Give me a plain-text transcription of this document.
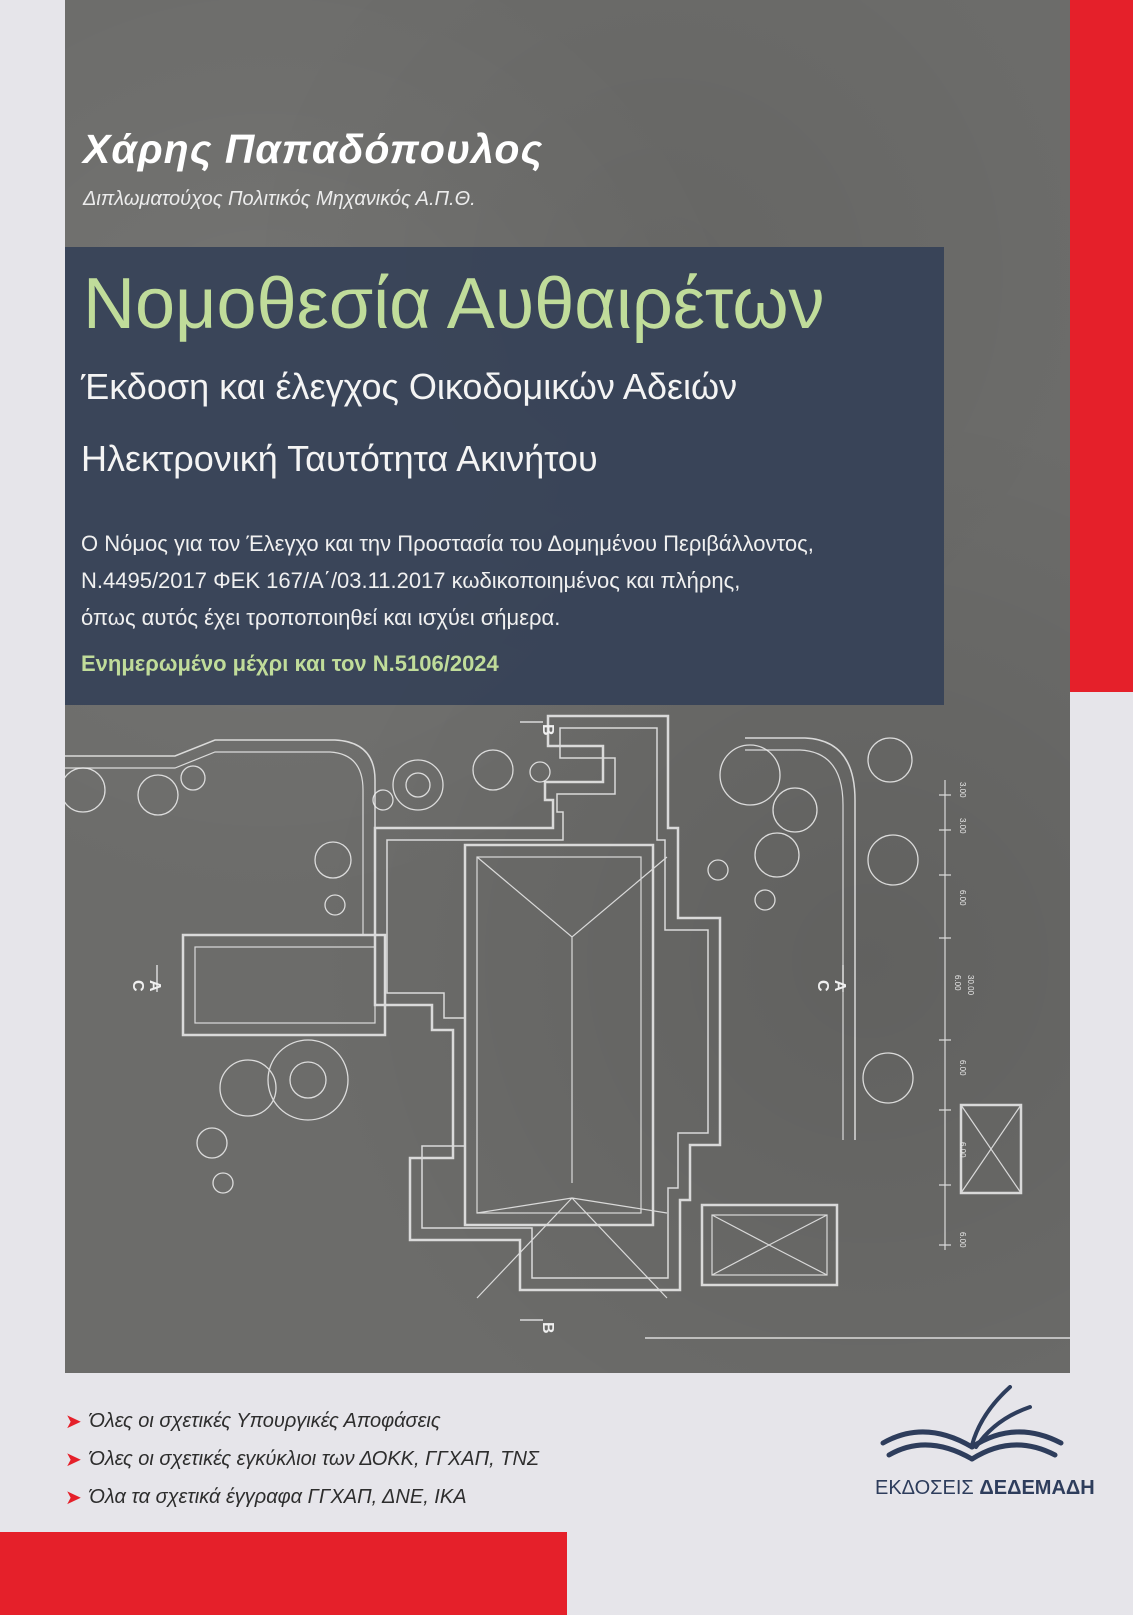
B
B
A
C	A
C
3.00
3.00
6.00
6.00 30.00
6.00
6.00
6.00
Χάρης Παπαδόπουλος
Διπλωματούχος Πολιτικός Μηχανικός Α.Π.Θ.
Νομοθεσία Αυθαιρέτων
Έκδοση και έλεγχος Οικοδομικών Αδειών
Ηλεκτρονική Ταυτότητα Ακινήτου
Ο Νόμος για τον Έλεγχο και την Προστασία του Δομημένου Περιβάλλοντος,
Ν.4495/2017 ΦΕΚ 167/Α΄/03.11.2017 κωδικοποιημένος και πλήρης,
όπως αυτός έχει τροποποιηθεί και ισχύει σήμερα.
Ενημερωμένο μέχρι και τον Ν.5106/2024
➤ Όλες οι σχετικές Υπουργικές Αποφάσεις
➤ Όλες οι σχετικές εγκύκλιοι των ΔΟΚΚ, ΓΓΧΑΠ, ΤΝΣ
➤ Όλα τα σχετικά έγγραφα ΓΓΧΑΠ, ΔΝΕ, ΙΚΑ	ΕΚΔΟΣΕΙΣ ΔΕΔΕΜΑΔΗ
